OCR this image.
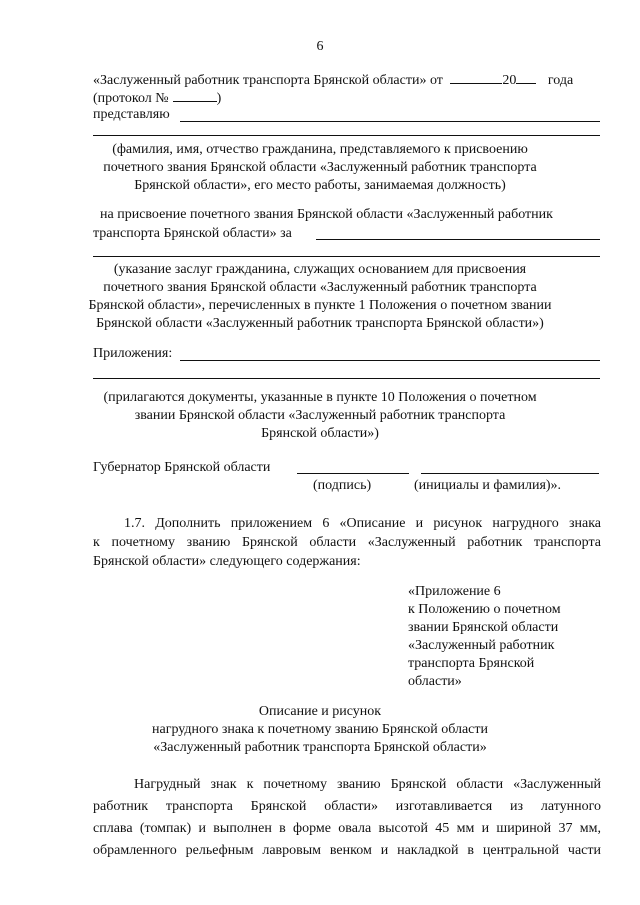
6
«Заслуженный работник транспорта Брянской области» от	20 года
(протокол №	)
представляю
(фамилия, имя, отчество гражданина, представляемого к присвоению
почетного звания Брянской области «Заслуженный работник транспорта
Брянской области», его место работы, занимаемая должность)
на присвоение почетного звания Брянской области «Заслуженный работник
транспорта Брянской области» за
(указание заслуг гражданина, служащих основанием для присвоения
почетного звания Брянской области «Заслуженный работник транспорта
Брянской области», перечисленных в пункте 1 Положения о почетном звании
Брянской области «Заслуженный работник транспорта Брянской области»)
Приложения:
(прилагаются документы, указанные в пункте 10 Положения о почетном
звании Брянской области «Заслуженный работник транспорта
Брянской области»)
Губернатор Брянской области
(подпись)	(инициалы и фамилия)».
1.7. Дополнить приложением 6 «Описание и рисунок нагрудного знака
к почетному званию Брянской области «Заслуженный работник транспорта
Брянской области» следующего содержания:
«Приложение 6
к Положению о почетном
звании Брянской области
«Заслуженный работник
транспорта Брянской
области»
Описание и рисунок
нагрудного знака к почетному званию Брянской области
«Заслуженный работник транспорта Брянской области»
Нагрудный знак к почетному званию Брянской области «Заслуженный
работник транспорта Брянской области» изготавливается из латунного
сплава (томпак) и выполнен в форме овала высотой 45 мм и шириной 37 мм,
обрамленного рельефным лавровым венком и накладкой в центральной части
